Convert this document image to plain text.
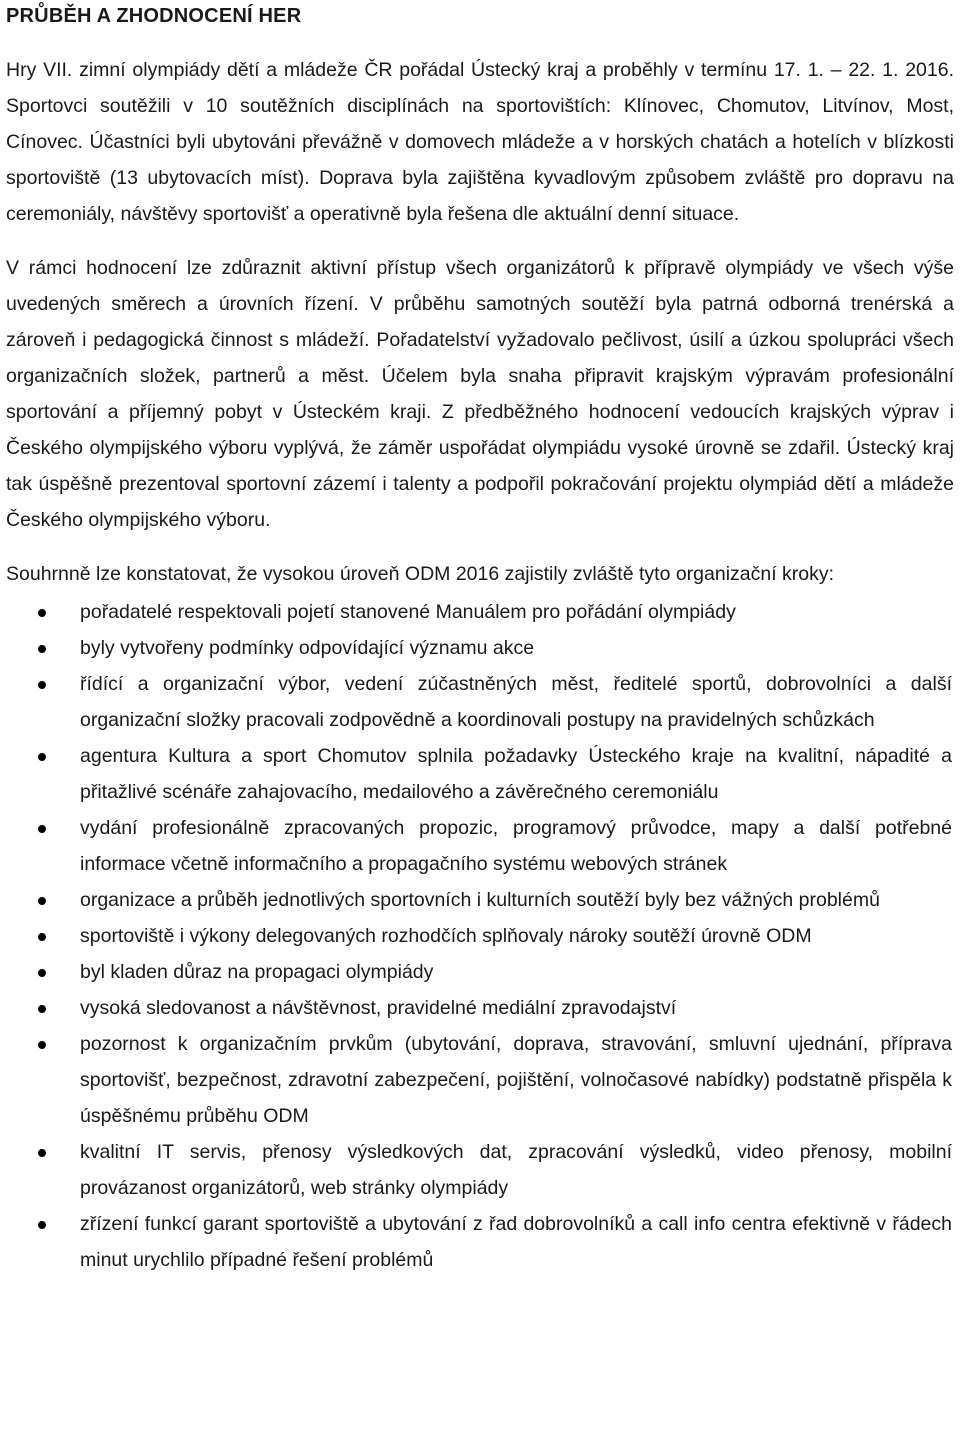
PRŮBĚH A ZHODNOCENÍ HER

Hry VII. zimní olympiády dětí a mládeže ČR pořádal Ústecký kraj a proběhly v termínu 17. 1. – 22. 1. 2016. Sportovci soutěžili v 10 soutěžních disciplínách na sportovištích: Klínovec, Chomutov, Litvínov, Most, Cínovec. Účastníci byli ubytováni převážně v domovech mládeže a v horských chatách a hotelích v blízkosti sportoviště (13 ubytovacích míst). Doprava byla zajištěna kyvadlovým způsobem zvláště pro dopravu na ceremoniály, návštěvy sportovišť a operativně byla řešena dle aktuální denní situace.

V rámci hodnocení lze zdůraznit aktivní přístup všech organizátorů k přípravě olympiády ve všech výše uvedených směrech a úrovních řízení. V průběhu samotných soutěží byla patrná odborná trenérská a zároveň i pedagogická činnost s mládeží. Pořadatelství vyžadovalo pečlivost, úsilí a úzkou spolupráci všech organizačních složek, partnerů a měst. Účelem byla snaha připravit krajským výpravám profesionální sportování a příjemný pobyt v Ústeckém kraji. Z předběžného hodnocení vedoucích krajských výprav i Českého olympijského výboru vyplývá, že záměr uspořádat olympiádu vysoké úrovně se zdařil. Ústecký kraj tak úspěšně prezentoval sportovní zázemí i talenty a podpořil pokračování projektu olympiád dětí a mládeže Českého olympijského výboru.

Souhrnně lze konstatovat, že vysokou úroveň ODM 2016 zajistily zvláště tyto organizační kroky:

pořadatelé respektovali pojetí stanovené Manuálem pro pořádání olympiády
byly vytvořeny podmínky odpovídající významu akce
řídící a organizační výbor, vedení zúčastněných měst, ředitelé sportů, dobrovolníci a další organizační složky pracovali zodpovědně a koordinovali postupy na pravidelných schůzkách
agentura Kultura a sport Chomutov splnila požadavky Ústeckého kraje na kvalitní, nápadité a přitažlivé scénáře zahajovacího, medailového a závěrečného ceremoniálu
vydání profesionálně zpracovaných propozic, programový průvodce, mapy a další potřebné informace včetně informačního a propagačního systému webových stránek
organizace a průběh jednotlivých sportovních i kulturních soutěží byly bez vážných problémů
sportoviště i výkony delegovaných rozhodčích splňovaly nároky soutěží úrovně ODM
byl kladen důraz na propagaci olympiády
vysoká sledovanost a návštěvnost, pravidelné mediální zpravodajství
pozornost k organizačním prvkům (ubytování, doprava, stravování, smluvní ujednání, příprava sportovišť, bezpečnost, zdravotní zabezpečení, pojištění, volnočasové nabídky) podstatně přispěla k úspěšnému průběhu ODM
kvalitní IT servis, přenosy výsledkových dat, zpracování výsledků, video přenosy, mobilní provázanost organizátorů, web stránky olympiády
zřízení funkcí garant sportoviště a ubytování z řad dobrovolníků a call info centra efektivně v řádech minut urychlilo případné řešení problémů
